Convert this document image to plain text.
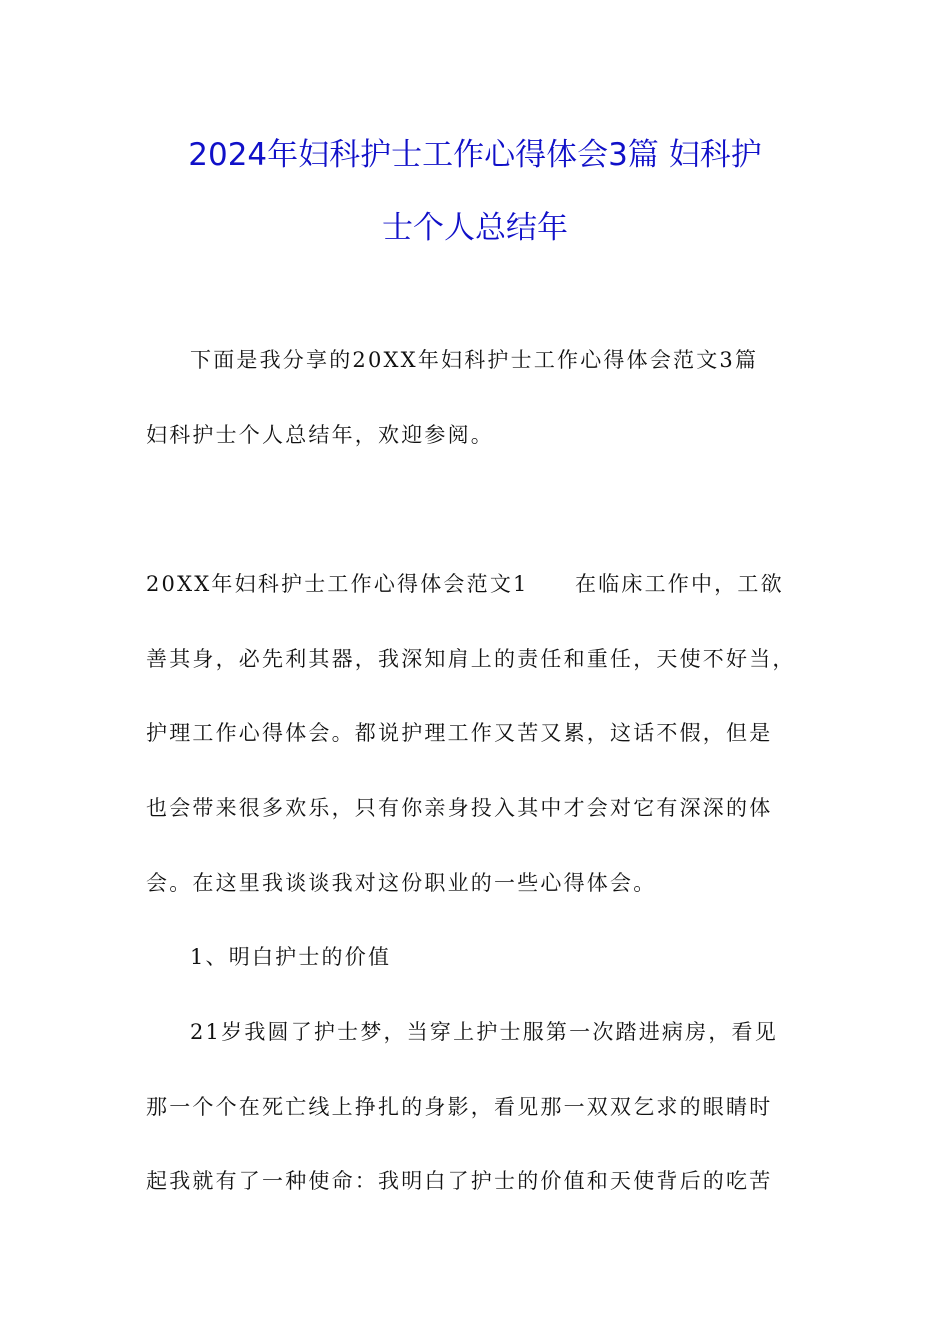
2024年妇科护士工作心得体会3篇 妇科护
士个人总结年
下面是我分享的20XX年妇科护士工作心得体会范文3篇
妇科护士个人总结年，欢迎参阅。
20XX年妇科护士工作心得体会范文1　　在临床工作中，工欲
善其身，必先利其器，我深知肩上的责任和重任，天使不好当，
护理工作心得体会。都说护理工作又苦又累，这话不假，但是
也会带来很多欢乐，只有你亲身投入其中才会对它有深深的体
会。在这里我谈谈我对这份职业的一些心得体会。
1、明白护士的价值
21岁我圆了护士梦，当穿上护士服第一次踏进病房，看见
那一个个在死亡线上挣扎的身影，看见那一双双乞求的眼睛时
起我就有了一种使命：我明白了护士的价值和天使背后的吃苦
